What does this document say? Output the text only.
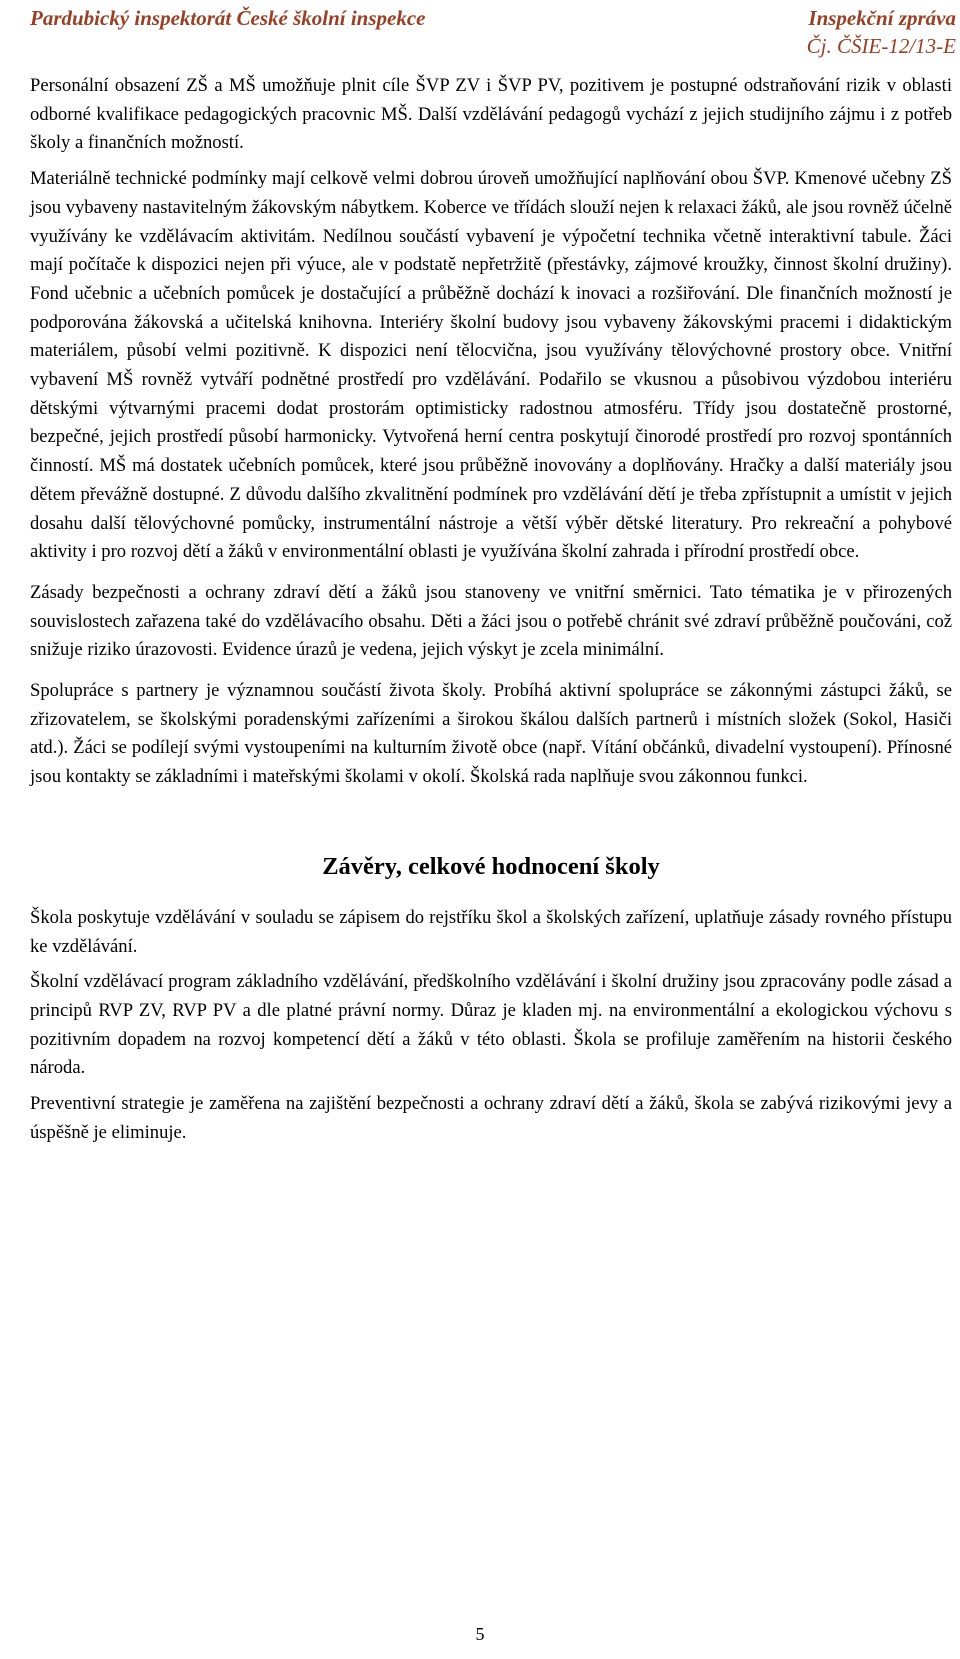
Pardubický inspektorát České školní inspekce	Inspekční zpráva
Čj. ČŠIE-12/13-E

Personální obsazení ZŠ a MŠ umožňuje plnit cíle ŠVP ZV i ŠVP PV, pozitivem je postupné odstraňování rizik v oblasti odborné kvalifikace pedagogických pracovnic MŠ. Další vzdělávání pedagogů vychází z jejich studijního zájmu i z potřeb školy a finančních možností.

Materiálně technické podmínky mají celkově velmi dobrou úroveň umožňující naplňování obou ŠVP. Kmenové učebny ZŠ jsou vybaveny nastavitelným žákovským nábytkem. Koberce ve třídách slouží nejen k relaxaci žáků, ale jsou rovněž účelně využívány ke vzdělávacím aktivitám. Nedílnou součástí vybavení je výpočetní technika včetně interaktivní tabule. Žáci mají počítače k dispozici nejen při výuce, ale v podstatě nepřetržitě (přestávky, zájmové kroužky, činnost školní družiny). Fond učebnic a učebních pomůcek je dostačující a průběžně dochází k inovaci a rozšiřování. Dle finančních možností je podporována žákovská a učitelská knihovna. Interiéry školní budovy jsou vybaveny žákovskými pracemi i didaktickým materiálem, působí velmi pozitivně. K dispozici není tělocvična, jsou využívány tělovýchovné prostory obce. Vnitřní vybavení MŠ rovněž vytváří podnětné prostředí pro vzdělávání. Podařilo se vkusnou a působivou výzdobou interiéru dětskými výtvarnými pracemi dodat prostorám optimisticky radostnou atmosféru. Třídy jsou dostatečně prostorné, bezpečné, jejich prostředí působí harmonicky. Vytvořená herní centra poskytují činorodé prostředí pro rozvoj spontánních činností. MŠ má dostatek učebních pomůcek, které jsou průběžně inovovány a doplňovány. Hračky a další materiály jsou dětem převážně dostupné. Z důvodu dalšího zkvalitnění podmínek pro vzdělávání dětí je třeba zpřístupnit a umístit v jejich dosahu další tělovýchovné pomůcky, instrumentální nástroje a větší výběr dětské literatury. Pro rekreační a pohybové aktivity i pro rozvoj dětí a žáků v environmentální oblasti je využívána školní zahrada i přírodní prostředí obce.

Zásady bezpečnosti a ochrany zdraví dětí a žáků jsou stanoveny ve vnitřní směrnici. Tato tématika je v přirozených souvislostech zařazena také do vzdělávacího obsahu. Děti a žáci jsou o potřebě chránit své zdraví průběžně poučováni, což snižuje riziko úrazovosti. Evidence úrazů je vedena, jejich výskyt je zcela minimální.

Spolupráce s partnery je významnou součástí života školy. Probíhá aktivní spolupráce se zákonnými zástupci žáků, se zřizovatelem, se školskými poradenskými zařízeními a širokou škálou dalších partnerů i místních složek (Sokol, Hasiči atd.). Žáci se podílejí svými vystoupeními na kulturním životě obce (např. Vítání občánků, divadelní vystoupení). Přínosné jsou kontakty se základními i mateřskými školami v okolí. Školská rada naplňuje svou zákonnou funkci.

Závěry, celkové hodnocení školy

Škola poskytuje vzdělávání v souladu se zápisem do rejstříku škol a školských zařízení, uplatňuje zásady rovného přístupu ke vzdělávání.

Školní vzdělávací program základního vzdělávání, předškolního vzdělávání i školní družiny jsou zpracovány podle zásad a principů RVP ZV, RVP PV a dle platné právní normy. Důraz je kladen mj. na environmentální a ekologickou výchovu s pozitivním dopadem na rozvoj kompetencí dětí a žáků v této oblasti. Škola se profiluje zaměřením na historii českého národa.

Preventivní strategie je zaměřena na zajištění bezpečnosti a ochrany zdraví dětí a žáků, škola se zabývá rizikovými jevy a úspěšně je eliminuje.

5
